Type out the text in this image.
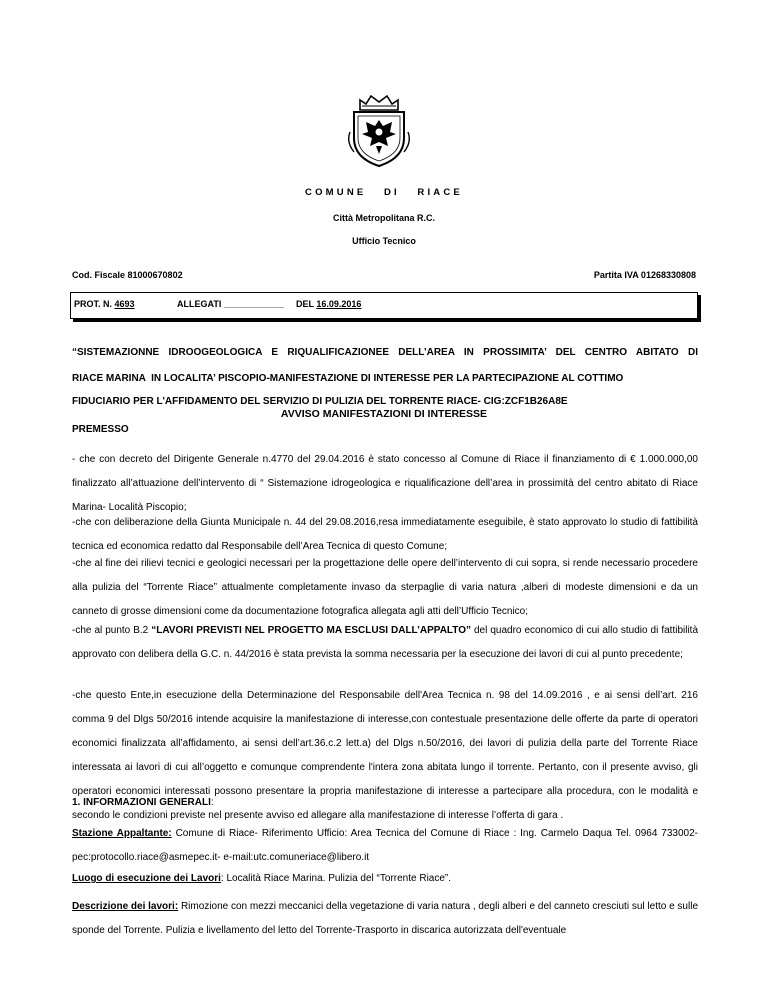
COMUNE   DI   RIACE
Città Metropolitana R.C.
Ufficio Tecnico
Cod. Fiscale 81000670802	Partita IVA 01268330808
PROT. N. 4693	ALLEGATI ____________ DEL 16.09.2016
AVVISO MANIFESTAZIONI DI INTERESSE
“SISTEMAZIONNE IDROOGEOLOGICA E RIQUALIFICAZIONEE DELL’AREA IN PROSSIMITA’ DEL CENTRO ABITATO DI
RIACE MARINA  IN LOCALITA’ PISCOPIO-MANIFESTAZIONE DI INTERESSE PER LA PARTECIPAZIONE AL COTTIMO
FIDUCIARIO PER L'AFFIDAMENTO DEL SERVIZIO DI PULIZIA DEL TORRENTE RIACE- CIG:ZCF1B26A8E
PREMESSO
- che con decreto del Dirigente Generale n.4770 del 29.04.2016 è stato concesso al Comune di Riace il finanziamento di € 1.000.000,00 finalizzato all’attuazione dell’intervento di “ Sistemazione idrogeologica e riqualificazione dell’area in prossimità del centro abitato di Riace Marina- Località Piscopio;
-che con deliberazione della Giunta Municipale n. 44 del 29.08.2016,resa immediatamente eseguibile, è stato approvato lo studio di fattibilità tecnica ed economica redatto dal Responsabile dell’Area Tecnica di questo Comune;
-che al fine dei rilievi tecnici e geologici necessari per la progettazione delle opere dell’intervento di cui sopra, si rende necessario procedere alla pulizia del “Torrente Riace” attualmente completamente invaso da sterpaglie di varia natura ,alberi di modeste dimensioni e da un canneto di grosse dimensioni come da documentazione fotografica allegata agli atti dell’Ufficio Tecnico;
-che al punto B.2 “LAVORI PREVISTI NEL PROGETTO MA ESCLUSI DALL’APPALTO” del quadro economico di cui allo studio di fattibilità approvato con delibera della G.C. n. 44/2016 è stata prevista la somma necessaria per la esecuzione dei lavori di cui al punto precedente;
-che questo Ente,in esecuzione della Determinazione del Responsabile dell'Area Tecnica n. 98 del 14.09.2016 , e ai sensi dell’art. 216 comma 9 del Dlgs 50/2016 intende acquisire la manifestazione di interesse,con contestuale presentazione delle offerte da parte di operatori economici finalizzata all’affidamento, ai sensi dell’art.36.c.2 lett.a) del Dlgs n.50/2016, dei lavori di pulizia della parte del Torrente Riace interessata ai lavori di cui all’oggetto e comunque comprendente l'intera zona abitata lungo il torrente. Pertanto, con il presente avviso, gli operatori economici interessati possono presentare la propria manifestazione di interesse a partecipare alla procedura, con le modalità e secondo le condizioni previste nel presente avviso ed allegare alla manifestazione di interesse l’offerta di gara .
1. INFORMAZIONI GENERALI:
Stazione Appaltante: Comune di Riace- Riferimento Ufficio: Area Tecnica del Comune di Riace : Ing. Carmelo Daqua Tel. 0964 733002- pec:protocollo.riace@asmepec.it- e-mail:utc.comuneriace@libero.it
Luogo di esecuzione dei Lavori: Località Riace Marina. Pulizia del “Torrente Riace”.
Descrizione dei lavori: Rimozione con mezzi meccanici della vegetazione di varia natura , degli alberi e del canneto cresciuti sul letto e sulle sponde del Torrente. Pulizia e livellamento del letto del Torrente-Trasporto in discarica autorizzata dell'eventuale
